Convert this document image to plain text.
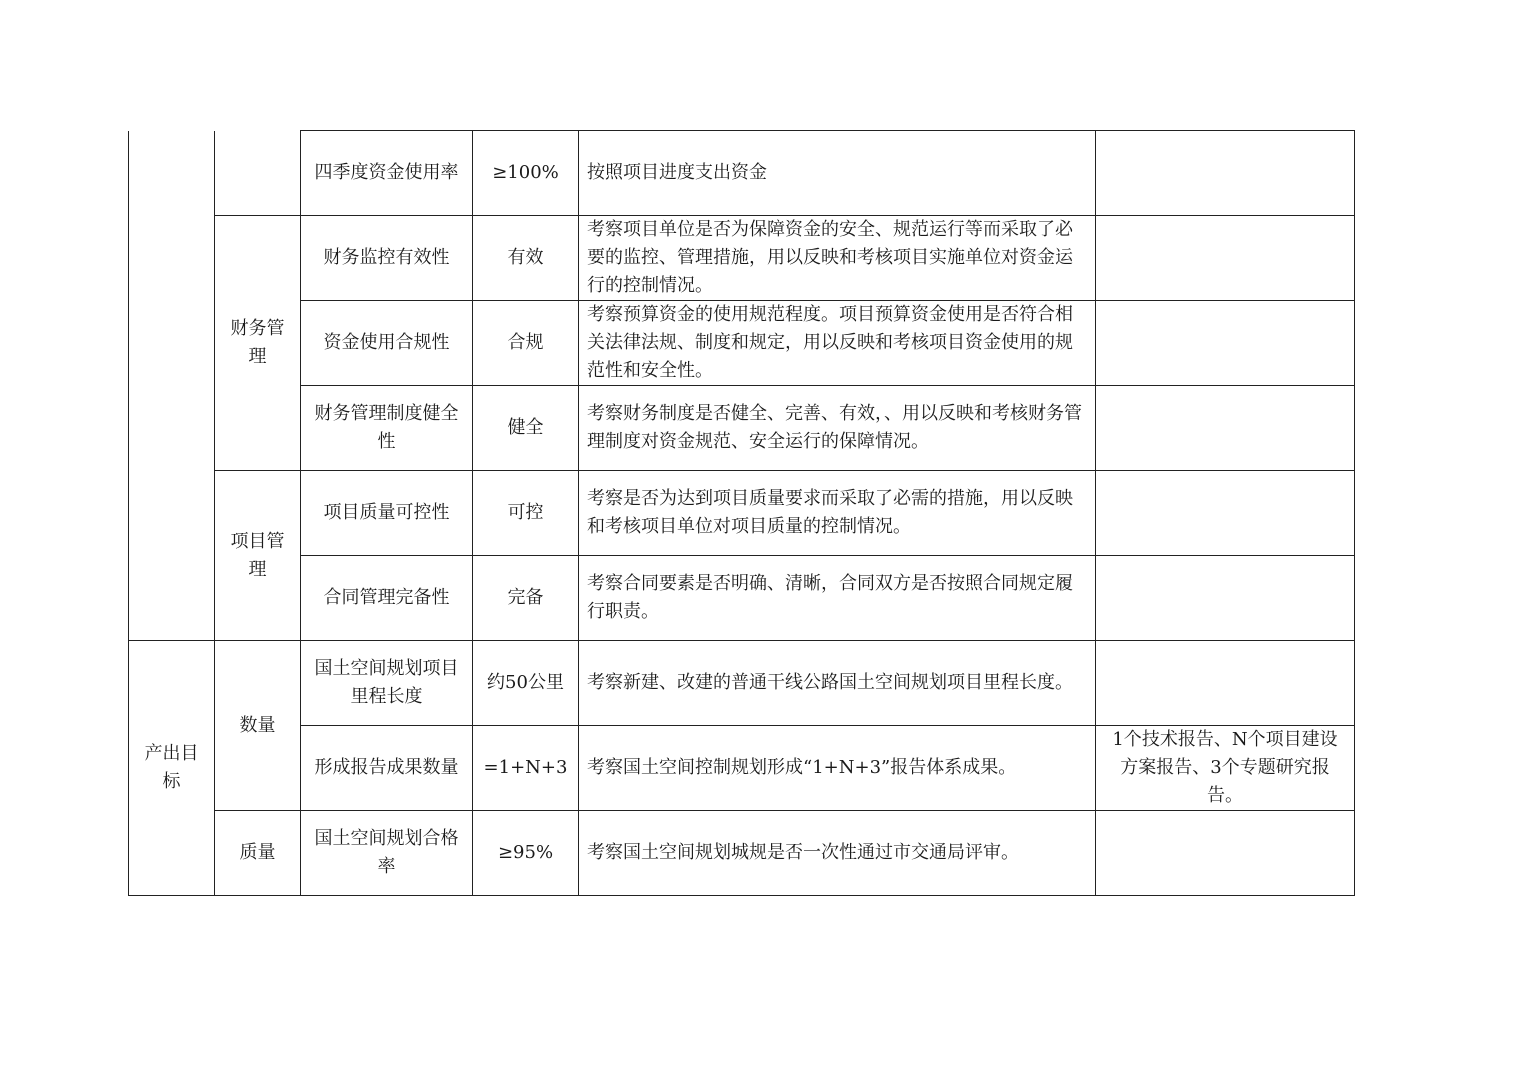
		四季度资金使用率	≥100%	按照项目进度支出资金	
	财务管理	财务监控有效性	有效	考察项目单位是否为保障资金的安全、规范运行等而采取了必要的监控、管理措施，用以反映和考核项目实施单位对资金运行的控制情况。	
		资金使用合规性	合规	考察预算资金的使用规范程度。项目预算资金使用是否符合相关法律法规、制度和规定，用以反映和考核项目资金使用的规范性和安全性。	
		财务管理制度健全性	健全	考察财务制度是否健全、完善、有效，、用以反映和考核财务管理制度对资金规范、安全运行的保障情况。	
	项目管理	项目质量可控性	可控	考察是否为达到项目质量要求而采取了必需的措施，用以反映和考核项目单位对项目质量的控制情况。	
		合同管理完备性	完备	考察合同要素是否明确、清晰，合同双方是否按照合同规定履行职责。	
产出目标	数量	国土空间规划项目里程长度	约50公里	考察新建、改建的普通干线公路国土空间规划项目里程长度。	
		形成报告成果数量	=1+N+3	考察国土空间控制规划形成“1+N+3”报告体系成果。	1个技术报告、N个项目建设方案报告、3个专题研究报告。
	质量	国土空间规划合格率	≥95%	考察国土空间规划城规是否一次性通过市交通局评审。	
